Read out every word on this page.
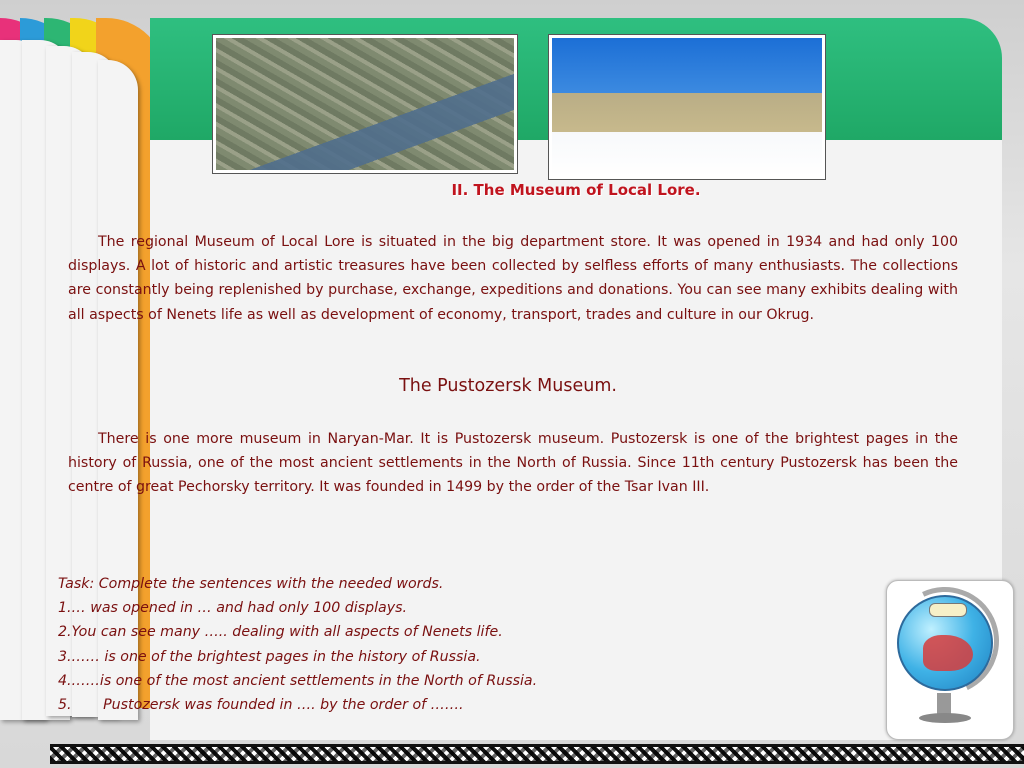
II. The Museum of Local Lore.

The regional Museum of Local Lore is situated in the big department store. It was opened in 1934 and had only 100 displays. A lot of historic and artistic treasures have been collected by selfless efforts of many enthusiasts. The collections are constantly being replenished by purchase, exchange, expeditions and donations. You can see many exhibits dealing with all aspects of Nenets life as well as development of economy, transport, trades and culture in our Okrug.

The Pustozersk Museum.

There is one more museum in Naryan-Mar. It is Pustozersk museum. Pustozersk is one of the brightest pages in the history of Russia, one of the most ancient settlements in the North of Russia. Since 11th century Pustozersk has been the centre of great Pechorsky territory. It was founded in 1499 by the order of the Tsar Ivan III.

Task: Complete the sentences with the needed words.
1.… was opened in … and had only 100 displays.
2.You can see many ….. dealing with all aspects of Nenets life.
3.…… is one of the brightest pages in the history of Russia.
4.……is one of the most ancient settlements in the North of Russia.
5.       Pustozersk was founded in …. by the order of …….
